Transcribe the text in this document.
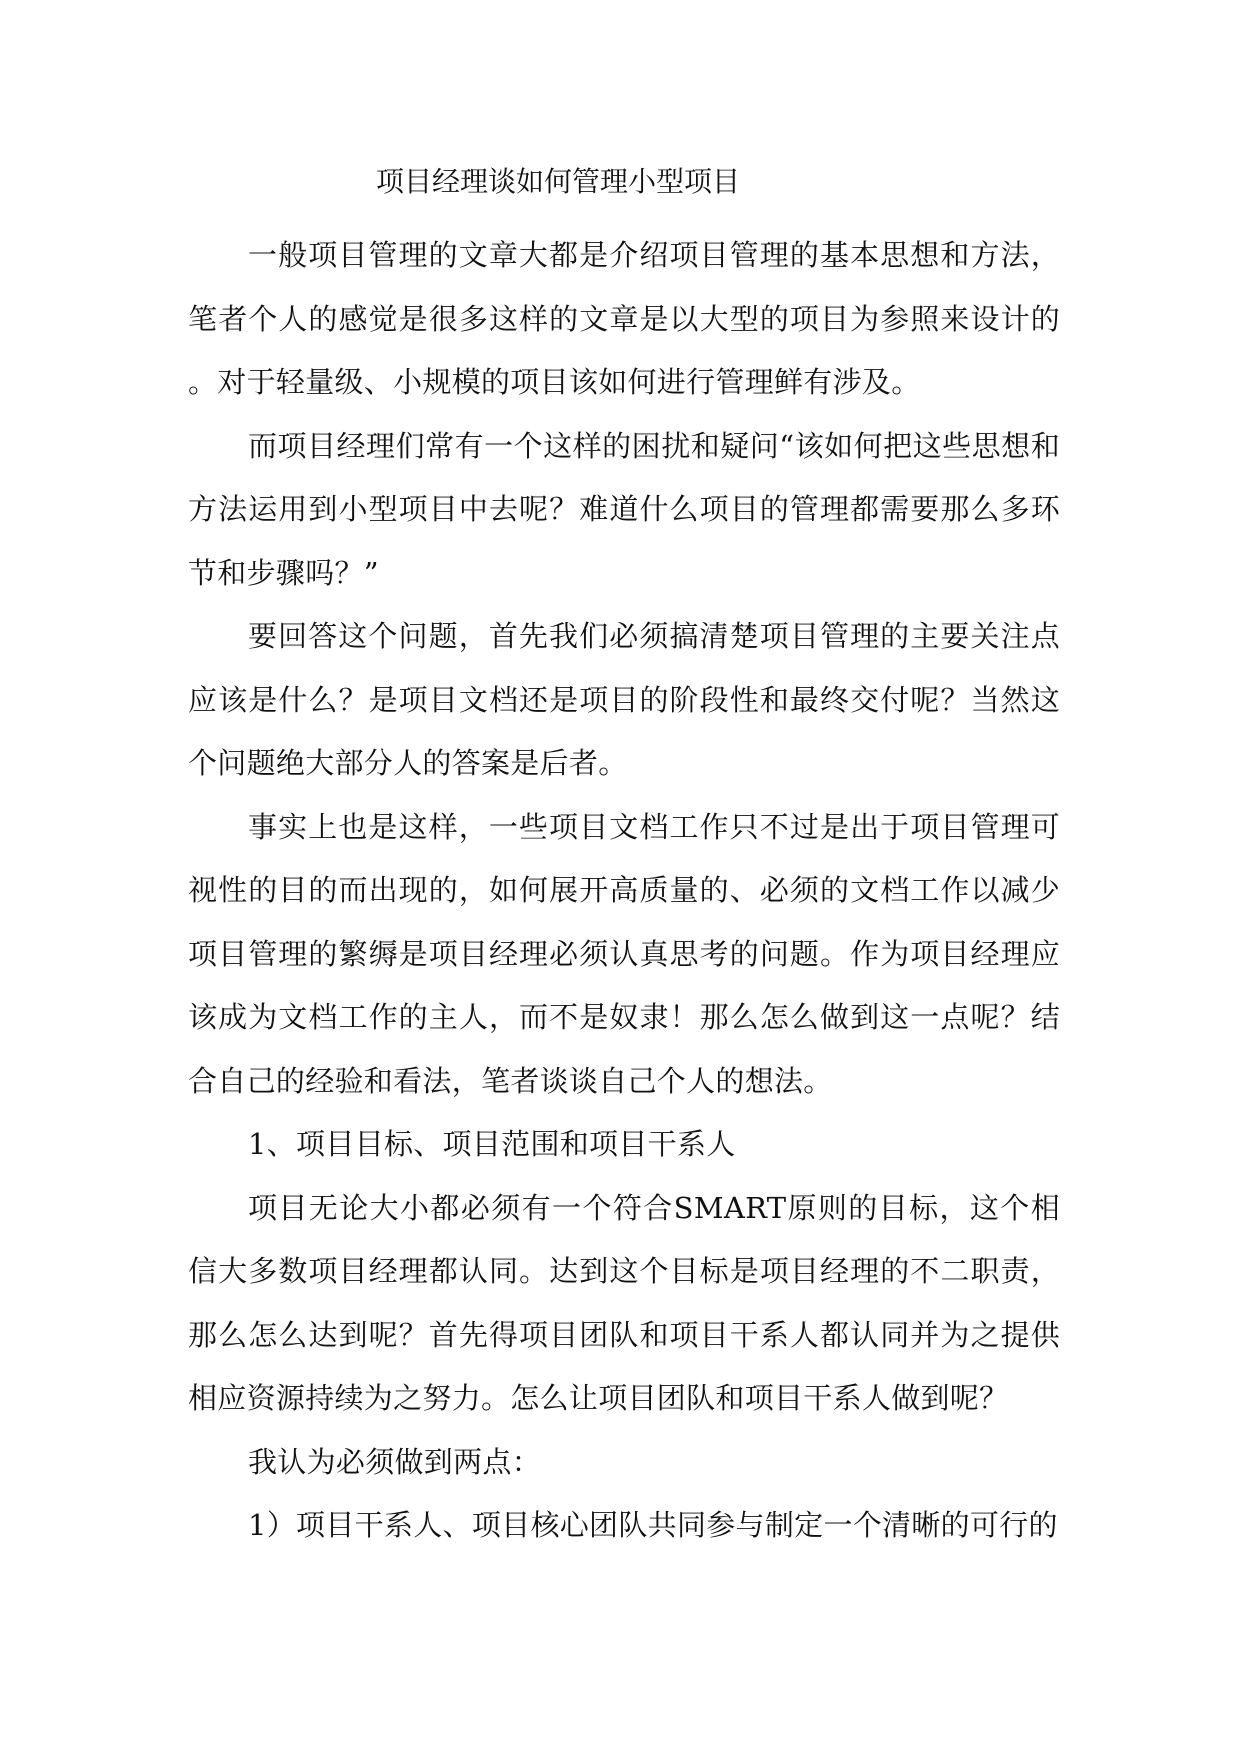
项目经理谈如何管理小型项目

一般项目管理的文章大都是介绍项目管理的基本思想和方法，笔者个人的感觉是很多这样的文章是以大型的项目为参照来设计的。对于轻量级、小规模的项目该如何进行管理鲜有涉及。

而项目经理们常有一个这样的困扰和疑问“该如何把这些思想和方法运用到小型项目中去呢？难道什么项目的管理都需要那么多环节和步骤吗？”

要回答这个问题，首先我们必须搞清楚项目管理的主要关注点应该是什么？是项目文档还是项目的阶段性和最终交付呢？当然这个问题绝大部分人的答案是后者。

事实上也是这样，一些项目文档工作只不过是出于项目管理可视性的目的而出现的，如何展开高质量的、必须的文档工作以减少项目管理的繁缛是项目经理必须认真思考的问题。作为项目经理应该成为文档工作的主人，而不是奴隶！那么怎么做到这一点呢？结合自己的经验和看法，笔者谈谈自己个人的想法。

1、项目目标、项目范围和项目干系人

项目无论大小都必须有一个符合SMART原则的目标，这个相信大多数项目经理都认同。达到这个目标是项目经理的不二职责，那么怎么达到呢？首先得项目团队和项目干系人都认同并为之提供相应资源持续为之努力。怎么让项目团队和项目干系人做到呢？

我认为必须做到两点：

1）项目干系人、项目核心团队共同参与制定一个清晰的可行的
